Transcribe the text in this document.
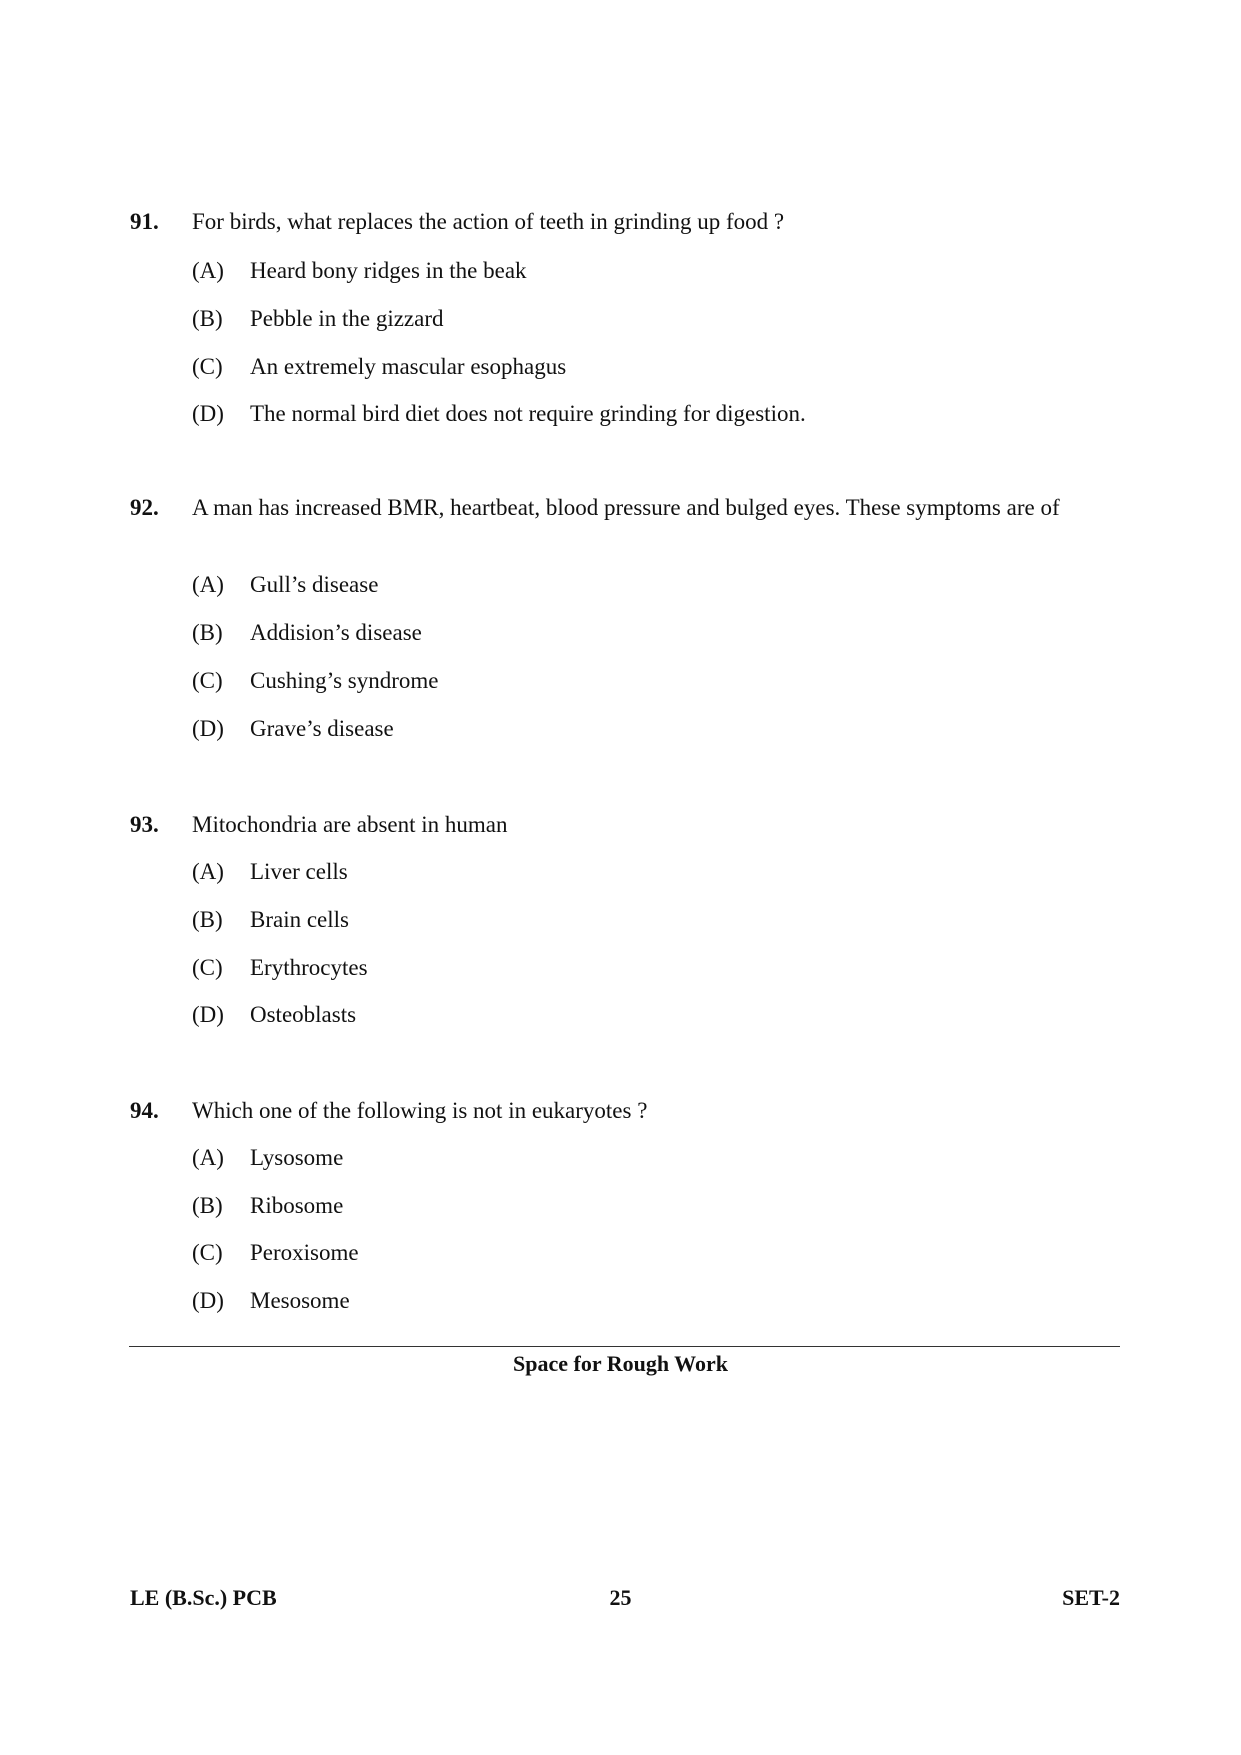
91. For birds, what replaces the action of teeth in grinding up food ?
(A) Heard bony ridges in the beak
(B) Pebble in the gizzard
(C) An extremely mascular esophagus
(D) The normal bird diet does not require grinding for digestion.
92. A man has increased BMR, heartbeat, blood pressure and bulged eyes. These symptoms are of
(A) Gull’s disease
(B) Addision’s disease
(C) Cushing’s syndrome
(D) Grave’s disease
93. Mitochondria are absent in human
(A) Liver cells
(B) Brain cells
(C) Erythrocytes
(D) Osteoblasts
94. Which one of the following is not in eukaryotes ?
(A) Lysosome
(B) Ribosome
(C) Peroxisome
(D) Mesosome
Space for Rough Work
LE (B.Sc.) PCB	25	SET-2
